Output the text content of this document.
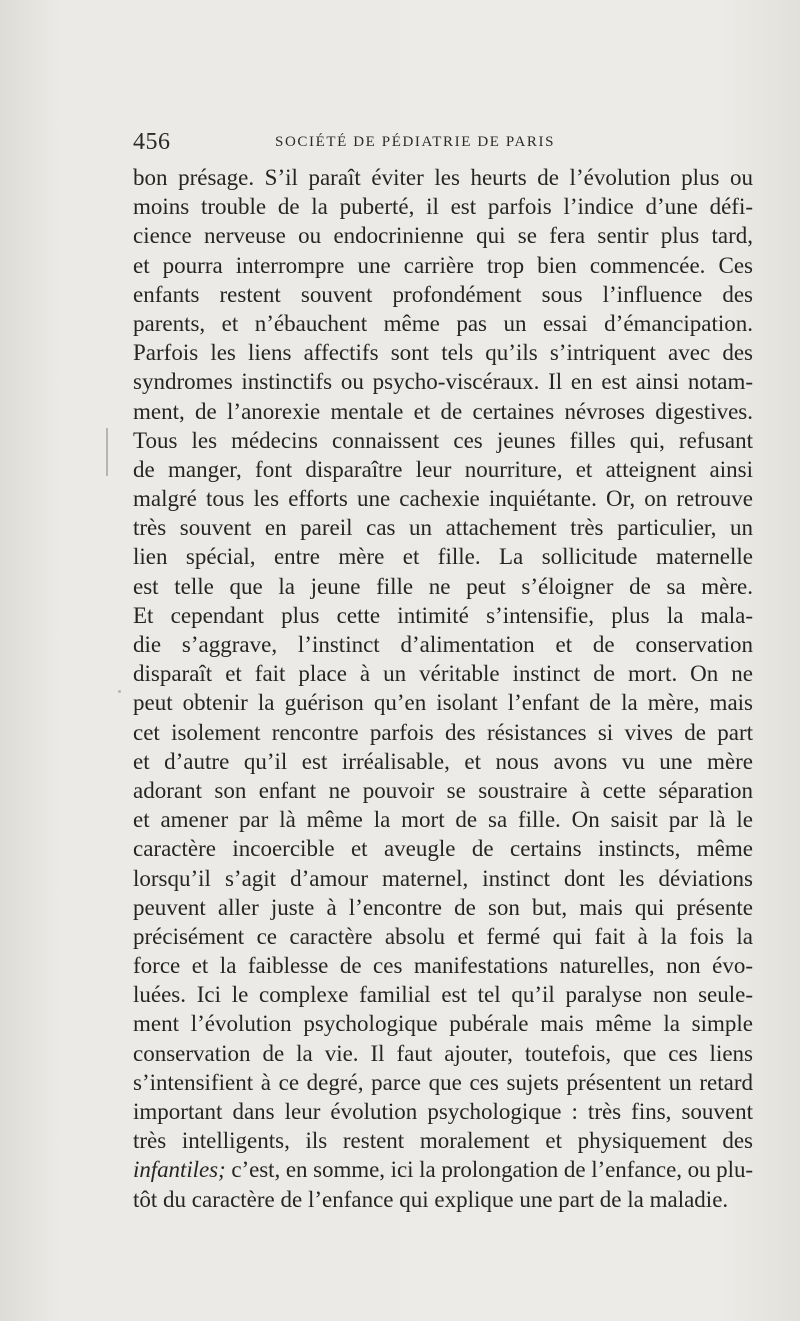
456	SOCIÉTÉ DE PÉDIATRIE DE PARIS
bon présage. S’il paraît éviter les heurts de l’évolution plus ou
moins trouble de la puberté, il est parfois l’indice d’une défi-
cience nerveuse ou endocrinienne qui se fera sentir plus tard,
et pourra interrompre une carrière trop bien commencée. Ces
enfants restent souvent profondément sous l’influence des
parents, et n’ébauchent même pas un essai d’émancipation.
Parfois les liens affectifs sont tels qu’ils s’intriquent avec des
syndromes instinctifs ou psycho-viscéraux. Il en est ainsi notam-
ment, de l’anorexie mentale et de certaines névroses digestives.
Tous les médecins connaissent ces jeunes filles qui, refusant
de manger, font disparaître leur nourriture, et atteignent ainsi
malgré tous les efforts une cachexie inquiétante. Or, on retrouve
très souvent en pareil cas un attachement très particulier, un
lien spécial, entre mère et fille. La sollicitude maternelle
est telle que la jeune fille ne peut s’éloigner de sa mère.
Et cependant plus cette intimité s’intensifie, plus la mala-
die s’aggrave, l’instinct d’alimentation et de conservation
disparaît et fait place à un véritable instinct de mort. On ne
peut obtenir la guérison qu’en isolant l’enfant de la mère, mais
cet isolement rencontre parfois des résistances si vives de part
et d’autre qu’il est irréalisable, et nous avons vu une mère
adorant son enfant ne pouvoir se soustraire à cette séparation
et amener par là même la mort de sa fille. On saisit par là le
caractère incoercible et aveugle de certains instincts, même
lorsqu’il s’agit d’amour maternel, instinct dont les déviations
peuvent aller juste à l’encontre de son but, mais qui présente
précisément ce caractère absolu et fermé qui fait à la fois la
force et la faiblesse de ces manifestations naturelles, non évo-
luées. Ici le complexe familial est tel qu’il paralyse non seule-
ment l’évolution psychologique pubérale mais même la simple
conservation de la vie. Il faut ajouter, toutefois, que ces liens
s’intensifient à ce degré, parce que ces sujets présentent un retard
important dans leur évolution psychologique : très fins, souvent
très intelligents, ils restent moralement et physiquement des
infantiles; c’est, en somme, ici la prolongation de l’enfance, ou plu-
tôt du caractère de l’enfance qui explique une part de la maladie.
